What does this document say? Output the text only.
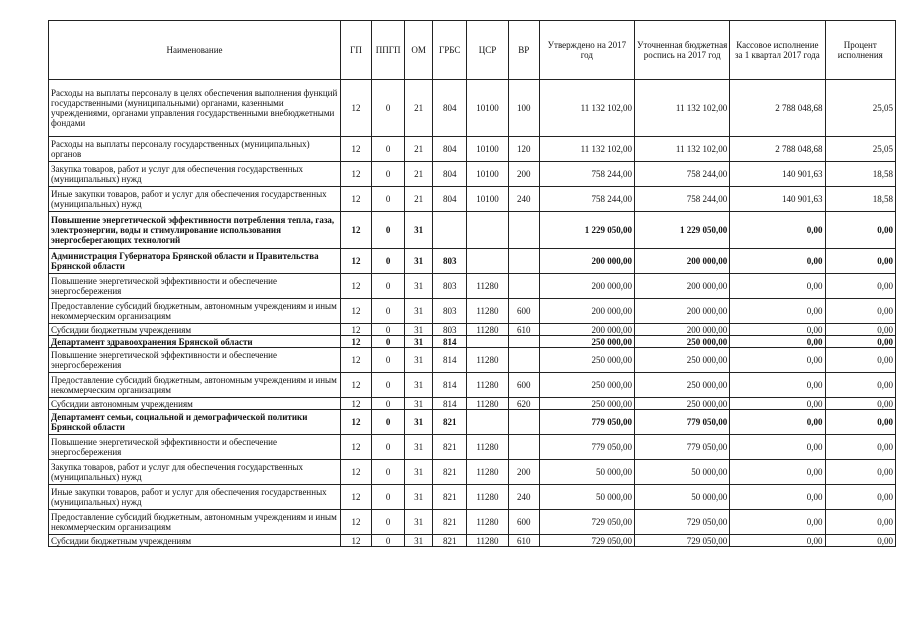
Наименование	ГП	ППГП	ОМ	ГРБС	ЦСР	ВР	Утверждено на 2017 год	Уточненная бюджетная роспись на 2017 год	Кассовое исполнение за 1 квартал 2017 года	Процент исполнения
Расходы на выплаты персоналу в целях обеспечения выполнения функций государственными (муниципальными) органами, казенными учреждениями, органами управления государственными внебюджетными фондами	12	0	21	804	10100	100	11 132 102,00	11 132 102,00	2 788 048,68	25,05
Расходы на выплаты персоналу государственных (муниципальных) органов	12	0	21	804	10100	120	11 132 102,00	11 132 102,00	2 788 048,68	25,05
Закупка товаров, работ и услуг для обеспечения государственных (муниципальных) нужд	12	0	21	804	10100	200	758 244,00	758 244,00	140 901,63	18,58
Иные закупки товаров, работ и услуг для обеспечения государственных (муниципальных) нужд	12	0	21	804	10100	240	758 244,00	758 244,00	140 901,63	18,58
Повышение энергетической эффективности потребления тепла, газа, электроэнергии, воды и стимулирование использования энергосберегающих технологий	12	0	31				1 229 050,00	1 229 050,00	0,00	0,00
Администрация Губернатора Брянской области и Правительства Брянской области	12	0	31	803			200 000,00	200 000,00	0,00	0,00
Повышение энергетической эффективности и обеспечение энергосбережения	12	0	31	803	11280		200 000,00	200 000,00	0,00	0,00
Предоставление субсидий бюджетным, автономным учреждениям и иным некоммерческим организациям	12	0	31	803	11280	600	200 000,00	200 000,00	0,00	0,00
Субсидии бюджетным учреждениям	12	0	31	803	11280	610	200 000,00	200 000,00	0,00	0,00
Департамент здравоохранения Брянской области	12	0	31	814			250 000,00	250 000,00	0,00	0,00
Повышение энергетической эффективности и обеспечение энергосбережения	12	0	31	814	11280		250 000,00	250 000,00	0,00	0,00
Предоставление субсидий бюджетным, автономным учреждениям и иным некоммерческим организациям	12	0	31	814	11280	600	250 000,00	250 000,00	0,00	0,00
Субсидии автономным учреждениям	12	0	31	814	11280	620	250 000,00	250 000,00	0,00	0,00
Департамент семьи, социальной и демографической политики Брянской области	12	0	31	821			779 050,00	779 050,00	0,00	0,00
Повышение энергетической эффективности и обеспечение энергосбережения	12	0	31	821	11280		779 050,00	779 050,00	0,00	0,00
Закупка товаров, работ и услуг для обеспечения государственных (муниципальных) нужд	12	0	31	821	11280	200	50 000,00	50 000,00	0,00	0,00
Иные закупки товаров, работ и услуг для обеспечения государственных (муниципальных) нужд	12	0	31	821	11280	240	50 000,00	50 000,00	0,00	0,00
Предоставление субсидий бюджетным, автономным учреждениям и иным некоммерческим организациям	12	0	31	821	11280	600	729 050,00	729 050,00	0,00	0,00
Субсидии бюджетным учреждениям	12	0	31	821	11280	610	729 050,00	729 050,00	0,00	0,00
